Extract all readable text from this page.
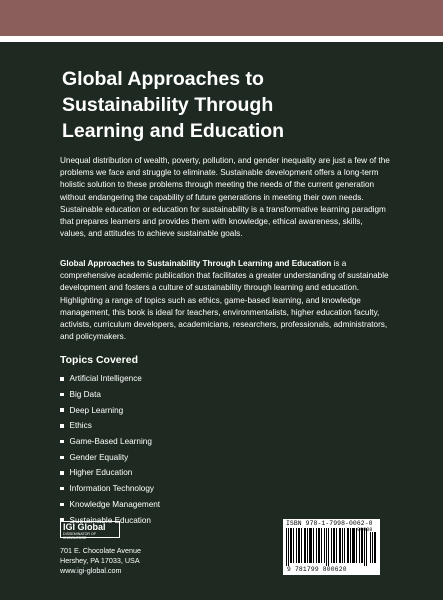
Global Approaches to
Sustainability Through
Learning and Education

Unequal distribution of wealth, poverty, pollution, and gender inequality are just a few of the problems we face and struggle to eliminate. Sustainable development offers a long-term holistic solution to these problems through meeting the needs of the current generation without endangering the capability of future generations in meeting their own needs. Sustainable education or education for sustainability is a transformative learning paradigm that prepares learners and provides them with knowledge, ethical awareness, skills, values, and attitudes to achieve sustainable goals.

Global Approaches to Sustainability Through Learning and Education is a comprehensive academic publication that facilitates a greater understanding of sustainable development and fosters a culture of sustainability through learning and education. Highlighting a range of topics such as ethics, game-based learning, and knowledge management, this book is ideal for teachers, environmentalists, higher education faculty, activists, curriculum developers, academicians, researchers, professionals, administrators, and policymakers.

Topics Covered
Artificial Intelligence
Big Data
Deep Learning
Ethics
Game-Based Learning
Gender Equality
Higher Education
Information Technology
Knowledge Management
Sustainable Education
IGI Global
DISSEMINATOR OF KNOWLEDGE

701 E. Chocolate Avenue
Hershey, PA 17033, USA
www.igi-global.com

ISBN 978-1-7998-0062-0
9 781799 800620
90000
